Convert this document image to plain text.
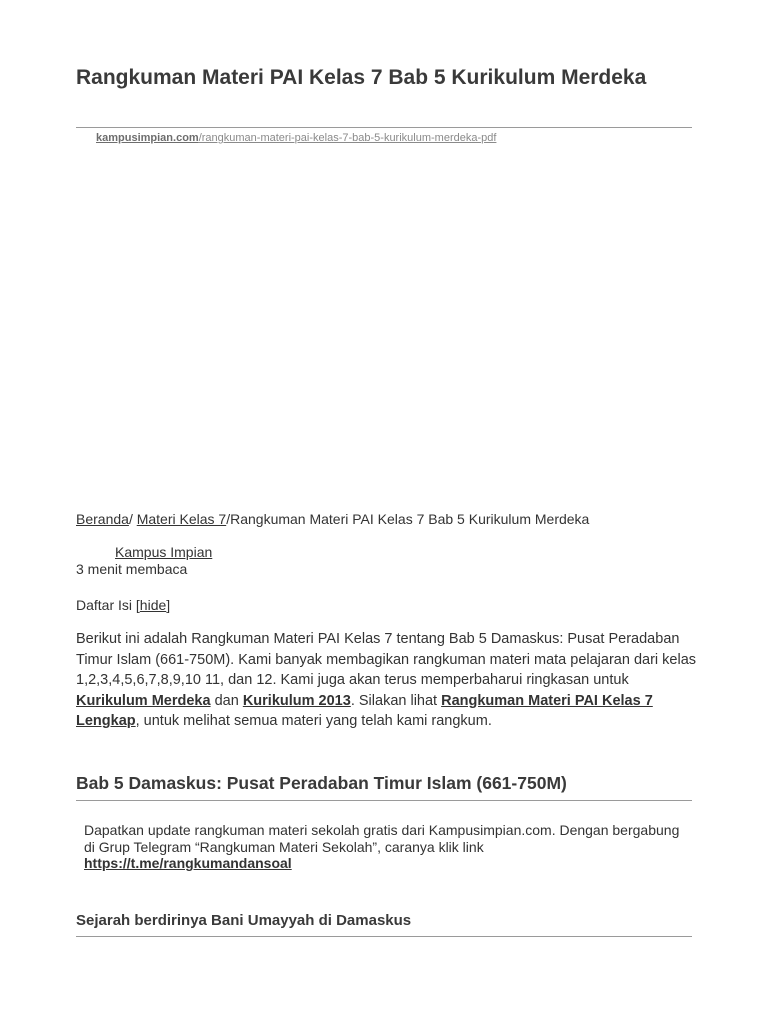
Rangkuman Materi PAI Kelas 7 Bab 5 Kurikulum Merdeka
kampusimpian.com/rangkuman-materi-pai-kelas-7-bab-5-kurikulum-merdeka-pdf
Beranda/ Materi Kelas 7/Rangkuman Materi PAI Kelas 7 Bab 5 Kurikulum Merdeka
Kampus Impian
3 menit membaca
Daftar Isi [hide]

Berikut ini adalah Rangkuman Materi PAI Kelas 7 tentang Bab 5 Damaskus: Pusat Peradaban Timur Islam (661-750M). Kami banyak membagikan rangkuman materi mata pelajaran dari kelas 1,2,3,4,5,6,7,8,9,10 11, dan 12. Kami juga akan terus memperbaharui ringkasan untuk Kurikulum Merdeka dan Kurikulum 2013. Silakan lihat Rangkuman Materi PAI Kelas 7 Lengkap, untuk melihat semua materi yang telah kami rangkum.

Bab 5 Damaskus: Pusat Peradaban Timur Islam (661-750M)

Dapatkan update rangkuman materi sekolah gratis dari Kampusimpian.com. Dengan bergabung di Grup Telegram “Rangkuman Materi Sekolah”, caranya klik link https://t.me/rangkumandansoal

Sejarah berdirinya Bani Umayyah di Damaskus
